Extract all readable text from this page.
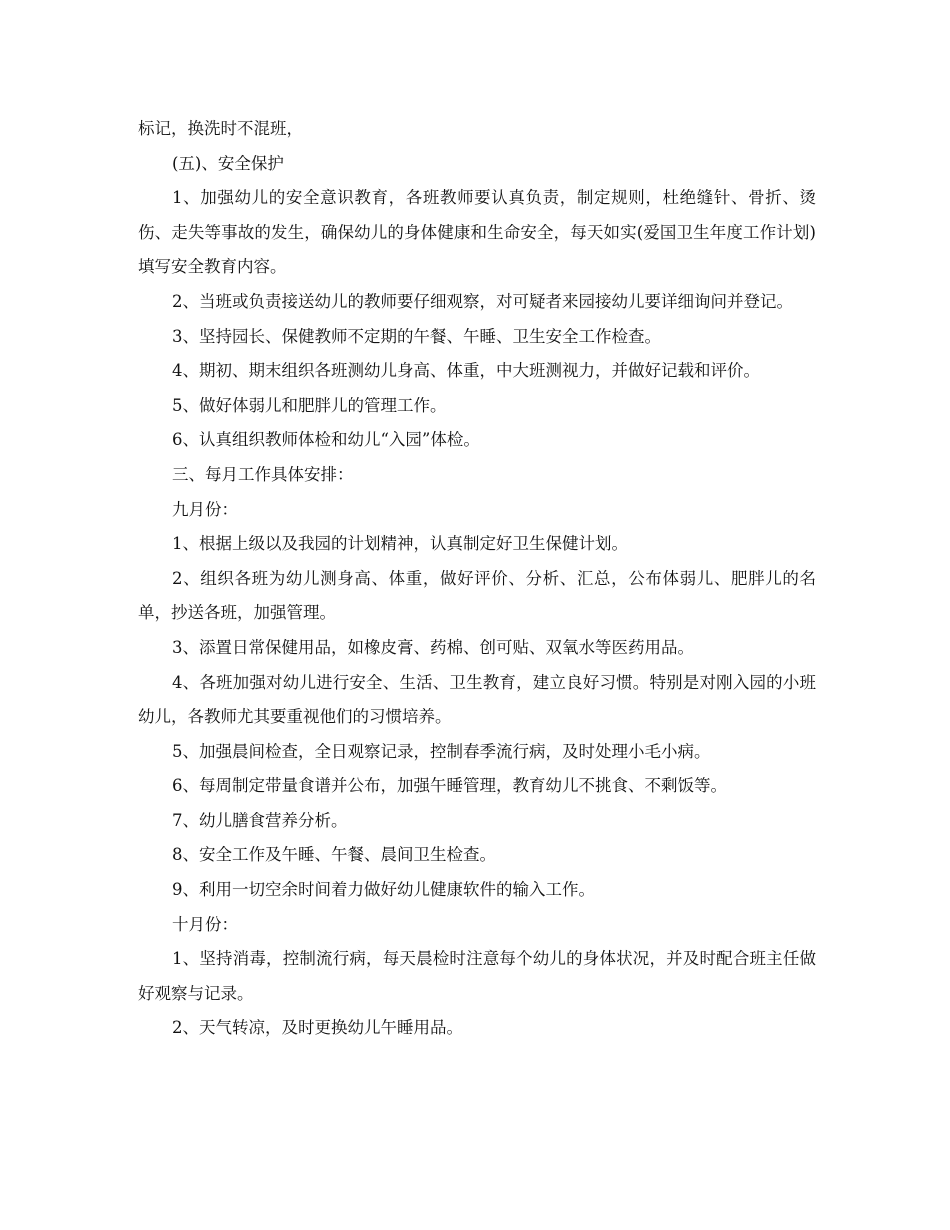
标记，换洗时不混班，

(五)、安全保护

1、加强幼儿的安全意识教育，各班教师要认真负责，制定规则，杜绝缝针、骨折、烫伤、走失等事故的发生，确保幼儿的身体健康和生命安全，每天如实(爱国卫生年度工作计划)填写安全教育内容。

2、当班或负责接送幼儿的教师要仔细观察，对可疑者来园接幼儿要详细询问并登记。

3、坚持园长、保健教师不定期的午餐、午睡、卫生安全工作检查。

4、期初、期末组织各班测幼儿身高、体重，中大班测视力，并做好记载和评价。

5、做好体弱儿和肥胖儿的管理工作。

6、认真组织教师体检和幼儿“入园”体检。

三、每月工作具体安排：

九月份：

1、根据上级以及我园的计划精神，认真制定好卫生保健计划。

2、组织各班为幼儿测身高、体重，做好评价、分析、汇总，公布体弱儿、肥胖儿的名单，抄送各班，加强管理。

3、添置日常保健用品，如橡皮膏、药棉、创可贴、双氧水等医药用品。

4、各班加强对幼儿进行安全、生活、卫生教育，建立良好习惯。特别是对刚入园的小班幼儿，各教师尤其要重视他们的习惯培养。

5、加强晨间检查，全日观察记录，控制春季流行病，及时处理小毛小病。

6、每周制定带量食谱并公布，加强午睡管理，教育幼儿不挑食、不剩饭等。

7、幼儿膳食营养分析。

8、安全工作及午睡、午餐、晨间卫生检查。

9、利用一切空余时间着力做好幼儿健康软件的输入工作。

十月份：

1、坚持消毒，控制流行病，每天晨检时注意每个幼儿的身体状况，并及时配合班主任做好观察与记录。

2、天气转凉，及时更换幼儿午睡用品。
